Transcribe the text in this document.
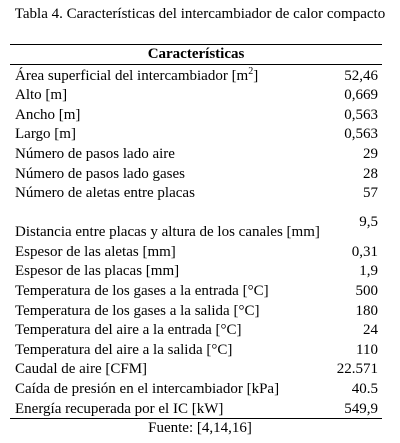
Tabla 4. Características del intercambiador de calor compacto
Características	
Área superficial del intercambiador $[m^2]$	52,46
Alto [m]	0,669
Ancho [m]	0,563
Largo [m]	0,563
Número de pasos lado aire	29
Número de pasos lado gases	28
Número de aletas entre placas	57
Distancia entre placas y altura de los canales [mm]	9,5
Espesor de las aletas [mm]	0,31
Espesor de las placas [mm]	1,9
Temperatura de los gases a la entrada [°C]	500
Temperatura de los gases a la salida [°C]	180
Temperatura del aire a la entrada [°C]	24
Temperatura del aire a la salida [°C]	110
Caudal de aire [CFM]	22.571
Caída de presión en el intercambiador [kPa]	40.5
Energía recuperada por el IC [kW]	549,9
Fuente: [4,14,16]
